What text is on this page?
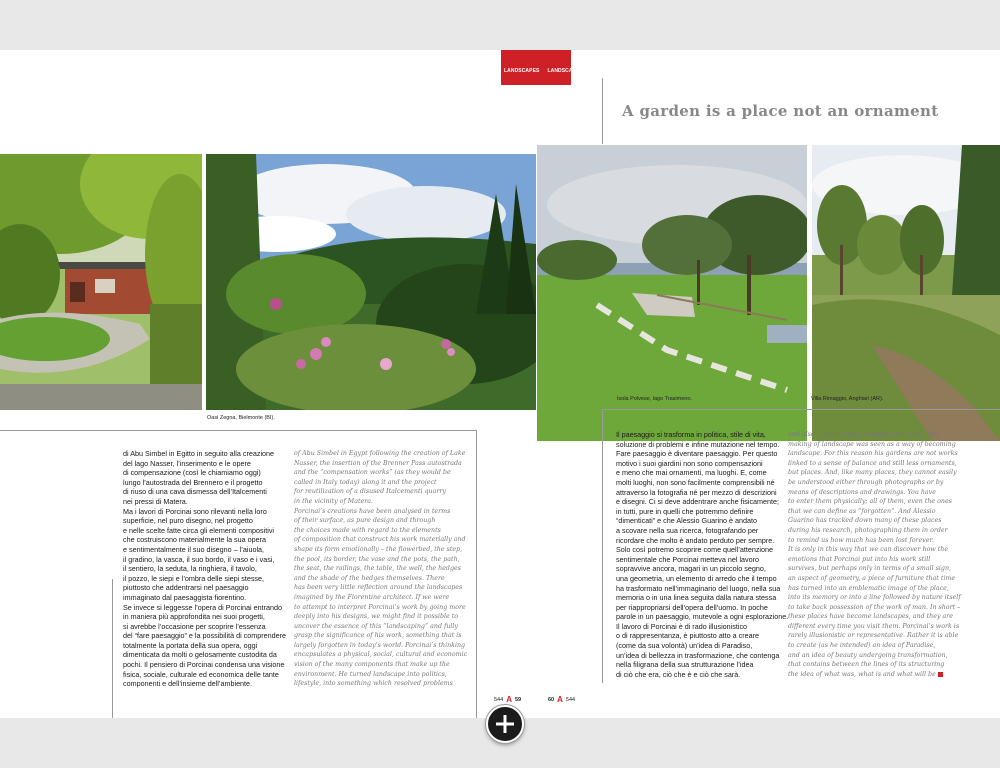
LANDSCAPES LANDSCAPES
A garden is a place not an ornament
Oasi Zegna, Bielmonte (BI).
Isola Polvese, lago Trasimeno.	Villa Rimaggio, Anghiari (AR).

di Abu Simbel in Egitto in seguito alla creazione

del lago Nasser, l’inserimento e le opere

di compensazione (così le chiamiamo oggi)

lungo l’autostrada del Brennero e il progetto

di riuso di una cava dismessa dell’Italcementi

nei pressi di Matera.

Ma i lavori di Porcinai sono rilevanti nella loro

superficie, nel puro disegno, nel progetto

e nelle scelte fatte circa gli elementi compositivi

che costruiscono materialmente la sua opera

e sentimentalmente il suo disegno – l’aiuola,

il gradino, la vasca, il suo bordo, il vaso e i vasi,

il sentiero, la seduta, la ringhiera, il tavolo,

il pozzo, le siepi e l’ombra delle siepi stesse,

piuttosto che addentrarsi nel paesaggio

immaginato dal paesaggista fiorentino.

Se invece si leggesse l’opera di Porcinai entrando

in maniera più approfondita nei suoi progetti,

si avrebbe l’occasione per scoprire l’essenza

del “fare paesaggio” e la possibilità di comprendere

totalmente la portata della sua opera, oggi

dimenticata da molti o gelosamente custodita da

pochi. Il pensiero di Porcinai condensa una visione

fisica, sociale, culturale ed economica delle tante

componenti e dell’insieme dell’ambiente.

of Abu Simbel in Egypt following the creation of Lake

Nasser, the insertion of the Brenner Pass autostrada

and the “compensation works” (as they would be

called in Italy today) along it and the project

for reutilization of a disused Italcementi quarry

in the vicinity of Matera.

Porcinai’s creations have been analysed in terms

of their surface, as pure design and through

the choices made with regard to the elements

of composition that construct his work materially and

shape its form emotionally – the flowerbed, the step,

the pool, its border, the vase and the pots, the path,

the seat, the railings, the table, the well, the hedges

and the shade of the hedges themselves. There

has been very little reflection around the landscapes

imagined by the Florentine architect. If we were

to attempt to interpret Porcinai’s work by going more

deeply into his designs, we might find it possible to

uncover the essence of this “landscaping” and fully

grasp the significance of his work, something that is

largely forgotten in today’s world. Porcinai’s thinking

encapsulates a physical, social, cultural and economic

vision of the many components that make up the

environment. He turned landscape into politics,

lifestyle, into something which resolved problems

Il paesaggio si trasforma in politica, stile di vita,

soluzione di problemi e infine mutazione nel tempo.

Fare paesaggio è diventare paesaggio. Per questo

motivo i suoi giardini non sono compensazioni

e meno che mai ornamenti, ma luoghi. E, come

molti luoghi, non sono facilmente comprensibili né

attraverso la fotografia né per mezzo di descrizioni

e disegni. Ci si deve addentrare anche fisicamente;

in tutti, pure in quelli che potremmo definire

“dimenticati” e che Alessio Guarino è andato

a scovare nella sua ricerca, fotografando per

ricordare che molto è andato perduto per sempre.

Solo così potremo scoprire come quell’attenzione

sentimentale che Porcinai metteva nel lavoro

sopravvive ancora, magari in un piccolo segno,

una geometria, un elemento di arredo che il tempo

ha trasformato nell’immaginario del luogo, nella sua

memoria o in una linea seguita dalla natura stessa

per riappropriarsi dell’opera dell’uomo. In poche

parole in un paesaggio, mutevole a ogni esplorazione.

Il lavoro di Porcinai è di rado illusionistico

o di rappresentanza, è piuttosto atto a creare

(come da sua volontà) un’idea di Paradiso,

un’idea di bellezza in trasformazione, che contenga

nella filigrana della sua strutturazione l’idea

di ciò che era, ciò che è e ciò che sarà.

and also a feature that changed over time. The

making of landscape was seen as a way of becoming

landscape. For this reason his gardens are not works

linked to a sense of balance and still less ornaments,

but places. And, like many places, they cannot easily

be understood either through photographs or by

means of descriptions and drawings. You have

to enter them physically; all of them, even the ones

that we can define as “forgotten”. And Alessio

Guarino has tracked down many of these places

during his research, photographing them in order

to remind us how much has been lost forever.

It is only in this way that we can discover how the

emotions that Porcinai put into his work still

survives, but perhaps only in terms of a small sign,

an aspect of geometry, a piece of furniture that time

has turned into an emblematic image of the place,

into its memory or into a line followed by nature itself

to take back possession of the work of man. In short –

these places have become landscapes, and they are

different every time you visit them. Porcinai’s work is

rarely illusionistic or representative. Rather it is able

to create (as he intended) an idea of Paradise,

and an idea of beauty undergoing transformation,

that contains between the lines of its structuring

the idea of what was, what is and what will be

544 A 59	60 A 544
